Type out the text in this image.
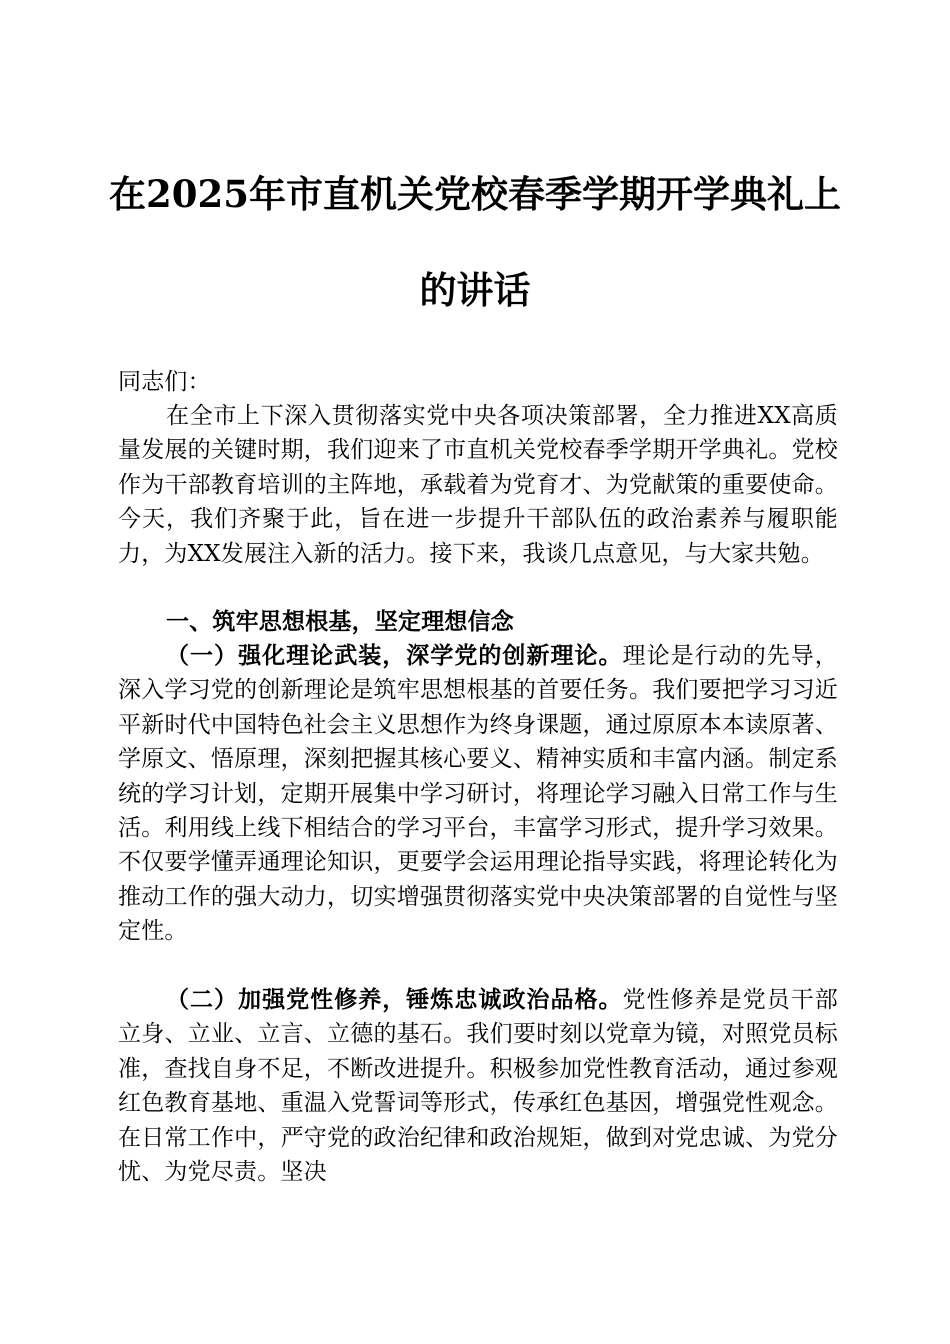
在2025年市直机关党校春季学期开学典礼上
的讲话
同志们：
在全市上下深入贯彻落实党中央各项决策部署，全力推进XX高质量发展的关键时期，我们迎来了市直机关党校春季学期开学典礼。党校作为干部教育培训的主阵地，承载着为党育才、为党献策的重要使命。今天，我们齐聚于此，旨在进一步提升干部队伍的政治素养与履职能力，为XX发展注入新的活力。接下来，我谈几点意见，与大家共勉。
一、筑牢思想根基，坚定理想信念
（一）强化理论武装，深学党的创新理论。理论是行动的先导，深入学习党的创新理论是筑牢思想根基的首要任务。我们要把学习习近平新时代中国特色社会主义思想作为终身课题，通过原原本本读原著、学原文、悟原理，深刻把握其核心要义、精神实质和丰富内涵。制定系统的学习计划，定期开展集中学习研讨，将理论学习融入日常工作与生活。利用线上线下相结合的学习平台，丰富学习形式，提升学习效果。不仅要学懂弄通理论知识，更要学会运用理论指导实践，将理论转化为推动工作的强大动力，切实增强贯彻落实党中央决策部署的自觉性与坚定性。
（二）加强党性修养，锤炼忠诚政治品格。党性修养是党员干部立身、立业、立言、立德的基石。我们要时刻以党章为镜，对照党员标准，查找自身不足，不断改进提升。积极参加党性教育活动，通过参观红色教育基地、重温入党誓词等形式，传承红色基因，增强党性观念。在日常工作中，严守党的政治纪律和政治规矩，做到对党忠诚、为党分忧、为党尽责。坚决
